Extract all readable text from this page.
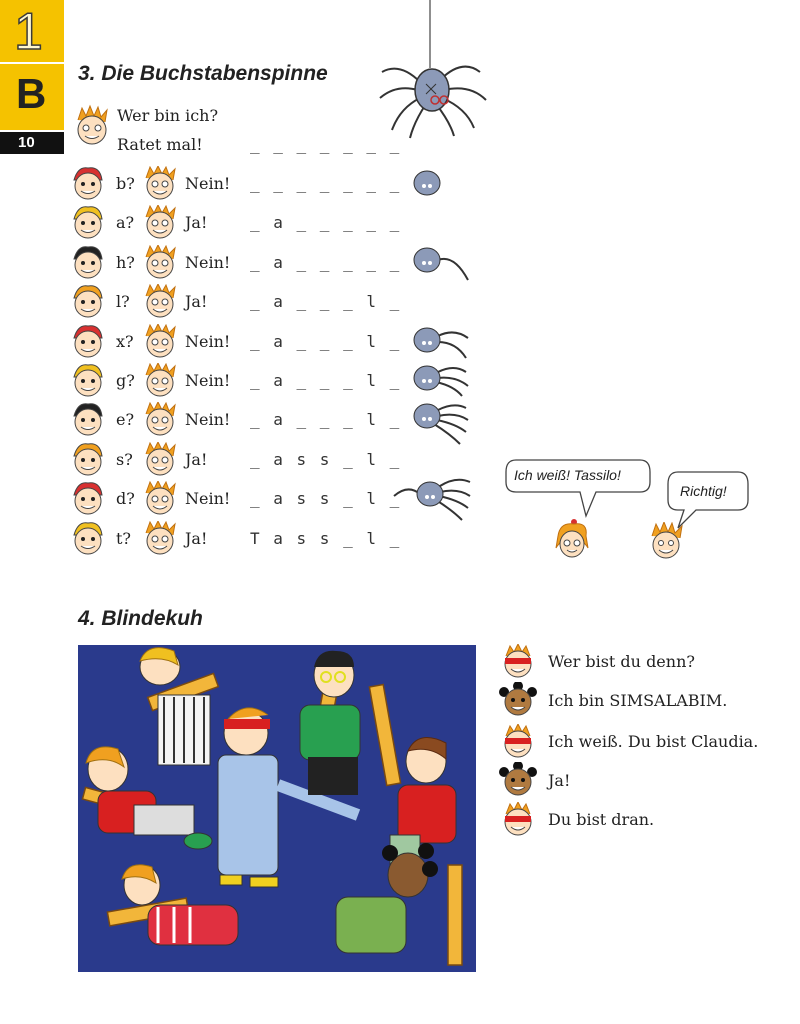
1
B
10
3. Die Buchstabenspinne
Wer bin ich?
Ratet mal!	_ _ _ _ _ _ _
b?	Nein! _ _ _ _ _ _ _
a?	Ja!	_ a _ _ _ _ _
h?	Nein! _ a _ _ _ _ _
l?	Ja!	_ a _ _ _ l _
x?	Nein! _ a _ _ _ l _
g?	Nein! _ a _ _ _ l _
e?	Nein! _ a _ _ _ l _
s?	Ja!	_ a s s _ l _
d?	Nein! _ a s s _ l _
t?	Ja!	T a s s _ l _
Ich weiß! Tassilo!
Richtig!
4. Blindekuh
Wer bist du denn?
Ich bin SIMSALABIM.
Ich weiß. Du bist Claudia.
Ja!
Du bist dran.
